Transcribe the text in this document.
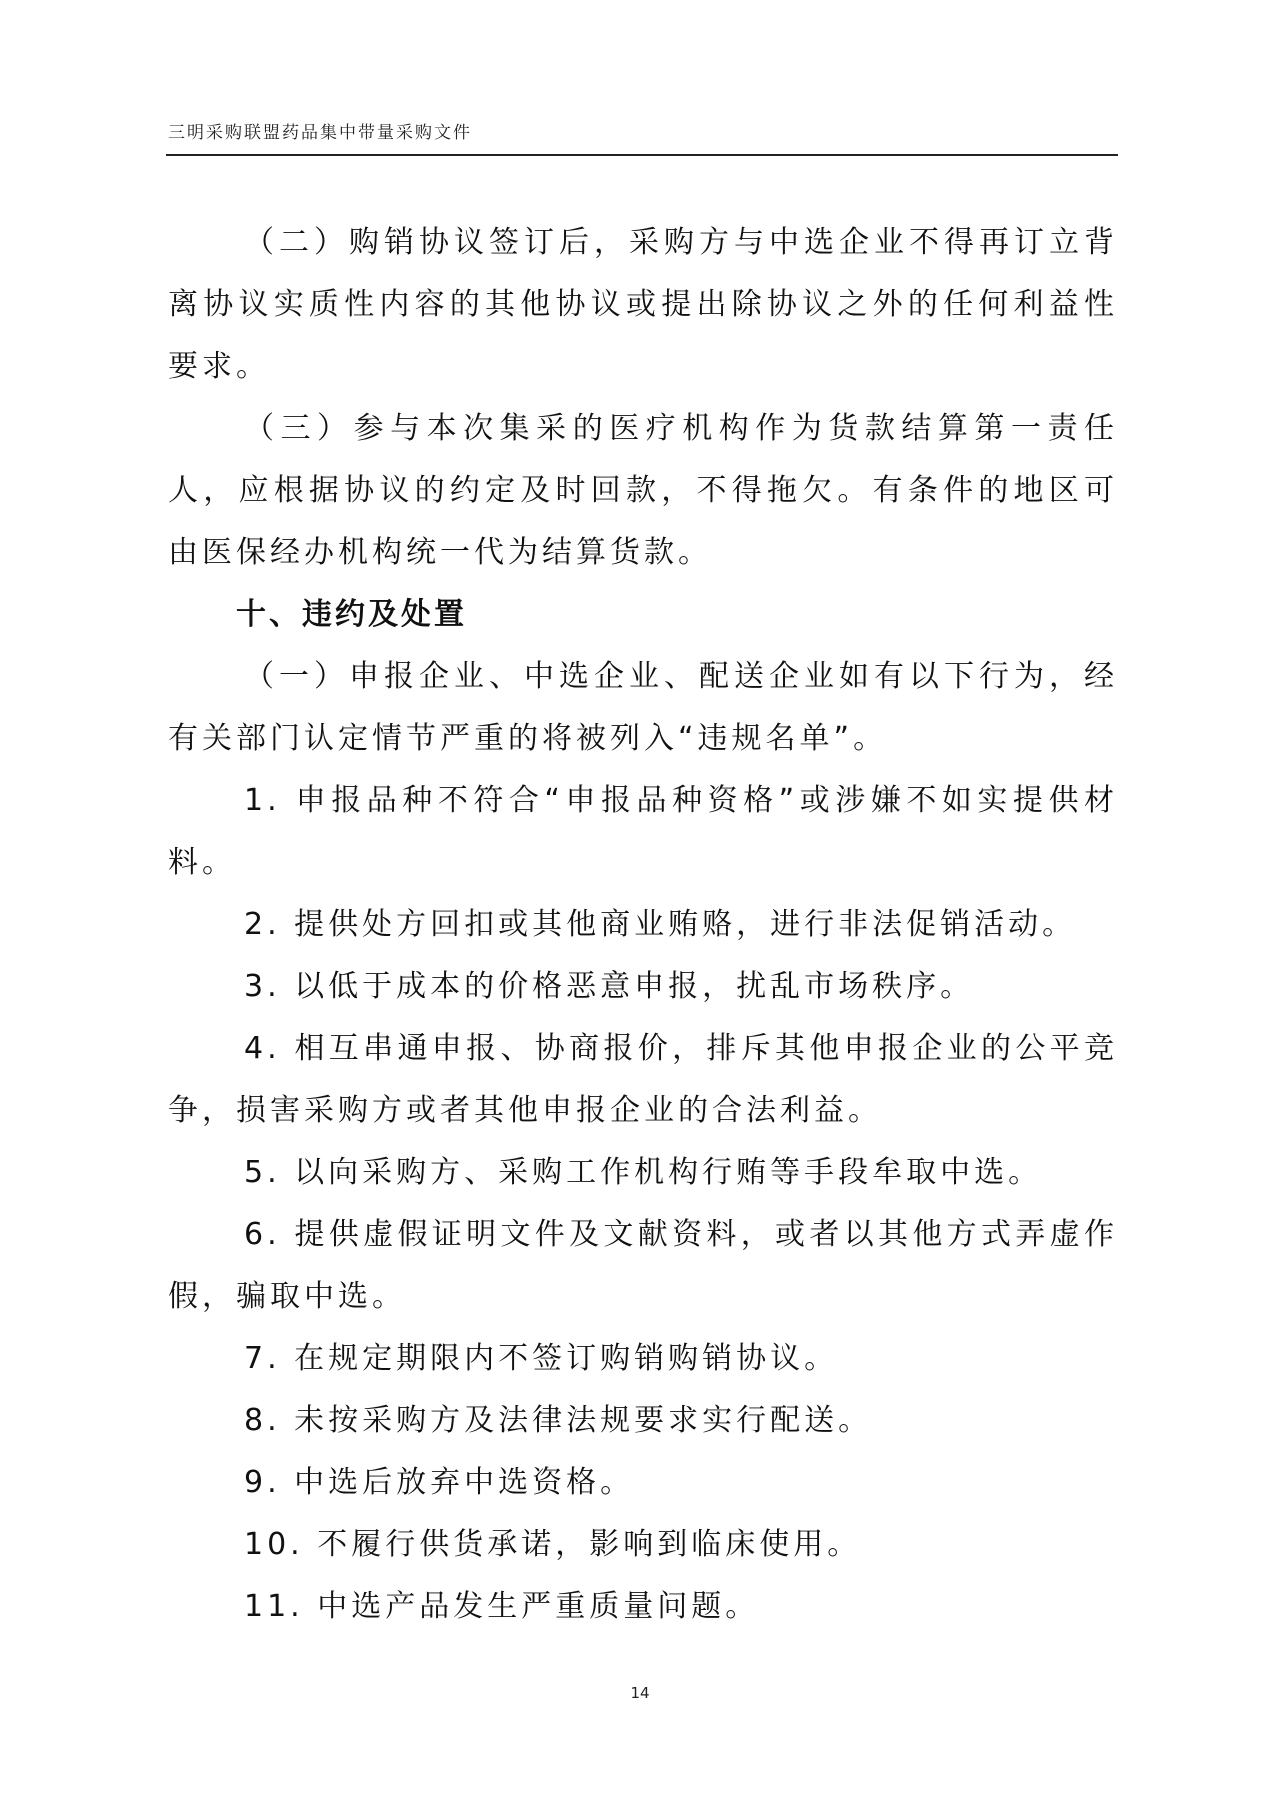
三明采购联盟药品集中带量采购文件

（二）购销协议签订后，采购方与中选企业不得再订立背离协议实质性内容的其他协议或提出除协议之外的任何利益性要求。

（三）参与本次集采的医疗机构作为货款结算第一责任人，应根据协议的约定及时回款，不得拖欠。有条件的地区可由医保经办机构统一代为结算货款。

十、违约及处置

（一）申报企业、中选企业、配送企业如有以下行为，经有关部门认定情节严重的将被列入“违规名单”。

1. 申报品种不符合“申报品种资格”或涉嫌不如实提供材料。

2. 提供处方回扣或其他商业贿赂，进行非法促销活动。

3. 以低于成本的价格恶意申报，扰乱市场秩序。

4. 相互串通申报、协商报价，排斥其他申报企业的公平竞争，损害采购方或者其他申报企业的合法利益。

5. 以向采购方、采购工作机构行贿等手段牟取中选。

6. 提供虚假证明文件及文献资料，或者以其他方式弄虚作假，骗取中选。

7. 在规定期限内不签订购销购销协议。

8. 未按采购方及法律法规要求实行配送。

9. 中选后放弃中选资格。

10. 不履行供货承诺，影响到临床使用。

11. 中选产品发生严重质量问题。

14
